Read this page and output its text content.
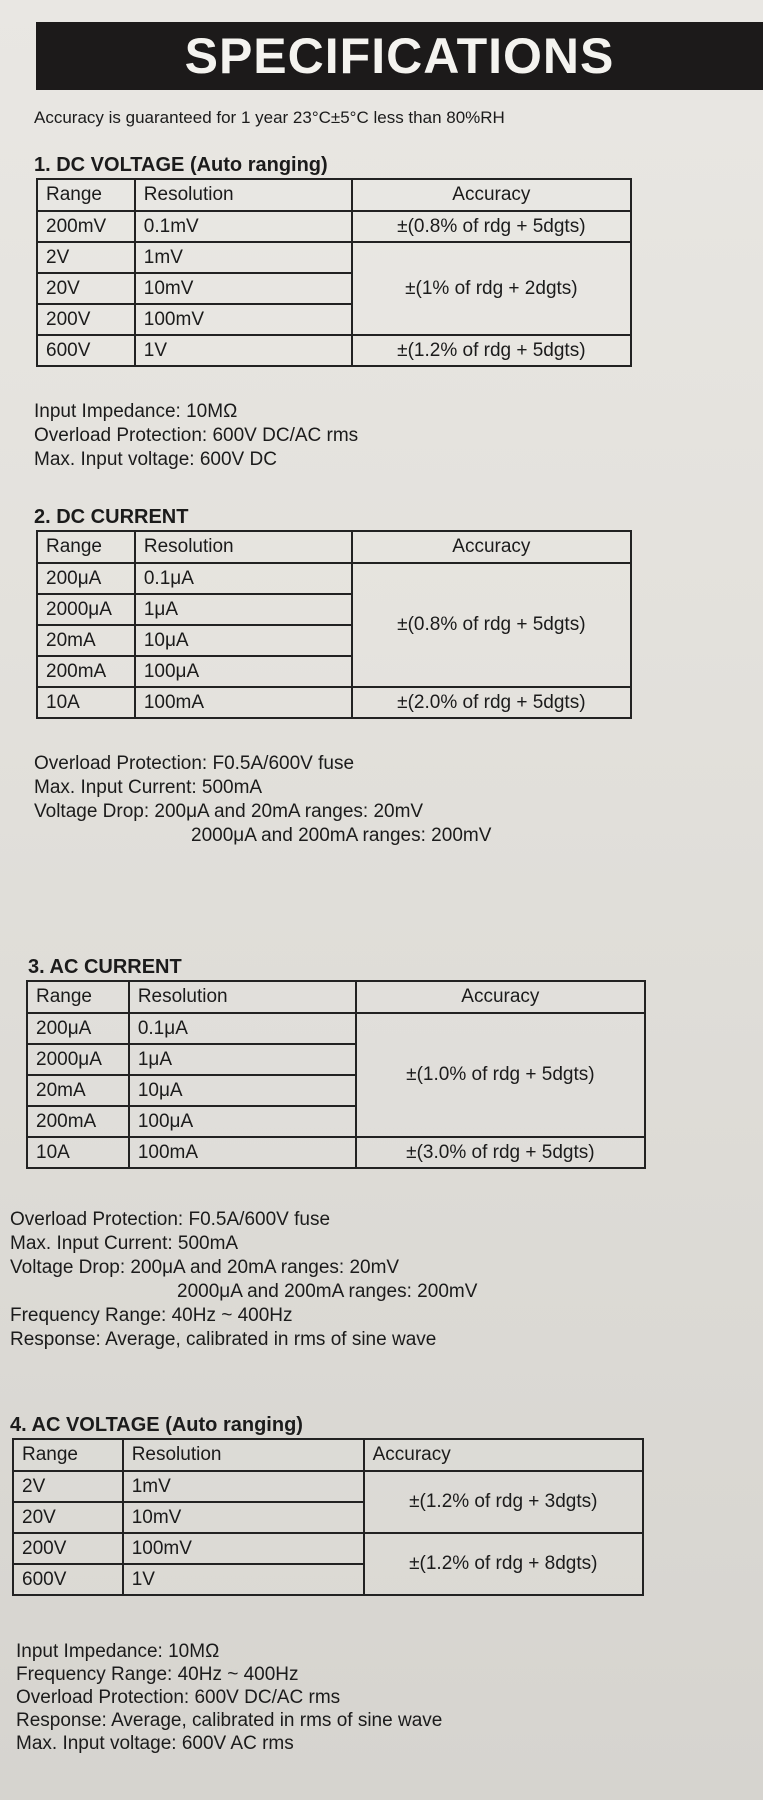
SPECIFICATIONS
Accuracy is guaranteed for 1 year 23°C±5°C less than 80%RH
1. DC VOLTAGE (Auto ranging)
Range	Resolution	Accuracy
200mV	0.1mV	±(0.8% of rdg + 5dgts)
2V	1mV	±(1% of rdg + 2dgts)
20V	10mV	
200V	100mV	
600V	1V	±(1.2% of rdg + 5dgts)
Input Impedance: 10MΩ
Overload Protection: 600V DC/AC rms
Max. Input voltage: 600V DC
2. DC CURRENT
Range	Resolution	Accuracy
200μA	0.1μA	±(0.8% of rdg + 5dgts)
2000μA	1μA	
20mA	10μA	
200mA	100μA	
10A	100mA	±(2.0% of rdg + 5dgts)
Overload Protection: F0.5A/600V fuse
Max. Input Current: 500mA
Voltage Drop: 200μA and 20mA ranges: 20mV
2000μA and 200mA ranges: 200mV
3. AC CURRENT
Range	Resolution	Accuracy
200μA	0.1μA	±(1.0% of rdg + 5dgts)
2000μA	1μA	
20mA	10μA	
200mA	100μA	
10A	100mA	±(3.0% of rdg + 5dgts)
Overload Protection: F0.5A/600V fuse
Max. Input Current: 500mA
Voltage Drop: 200μA and 20mA ranges: 20mV
2000μA and 200mA ranges: 200mV
Frequency Range: 40Hz ~ 400Hz
Response: Average, calibrated in rms of sine wave
4. AC VOLTAGE (Auto ranging)
Range	Resolution	Accuracy
2V	1mV	±(1.2% of rdg + 3dgts)
20V	10mV	
200V	100mV	±(1.2% of rdg + 8dgts)
600V	1V	
Input Impedance: 10MΩ
Frequency Range: 40Hz ~ 400Hz
Overload Protection: 600V DC/AC rms
Response: Average, calibrated in rms of sine wave
Max. Input voltage: 600V AC rms
